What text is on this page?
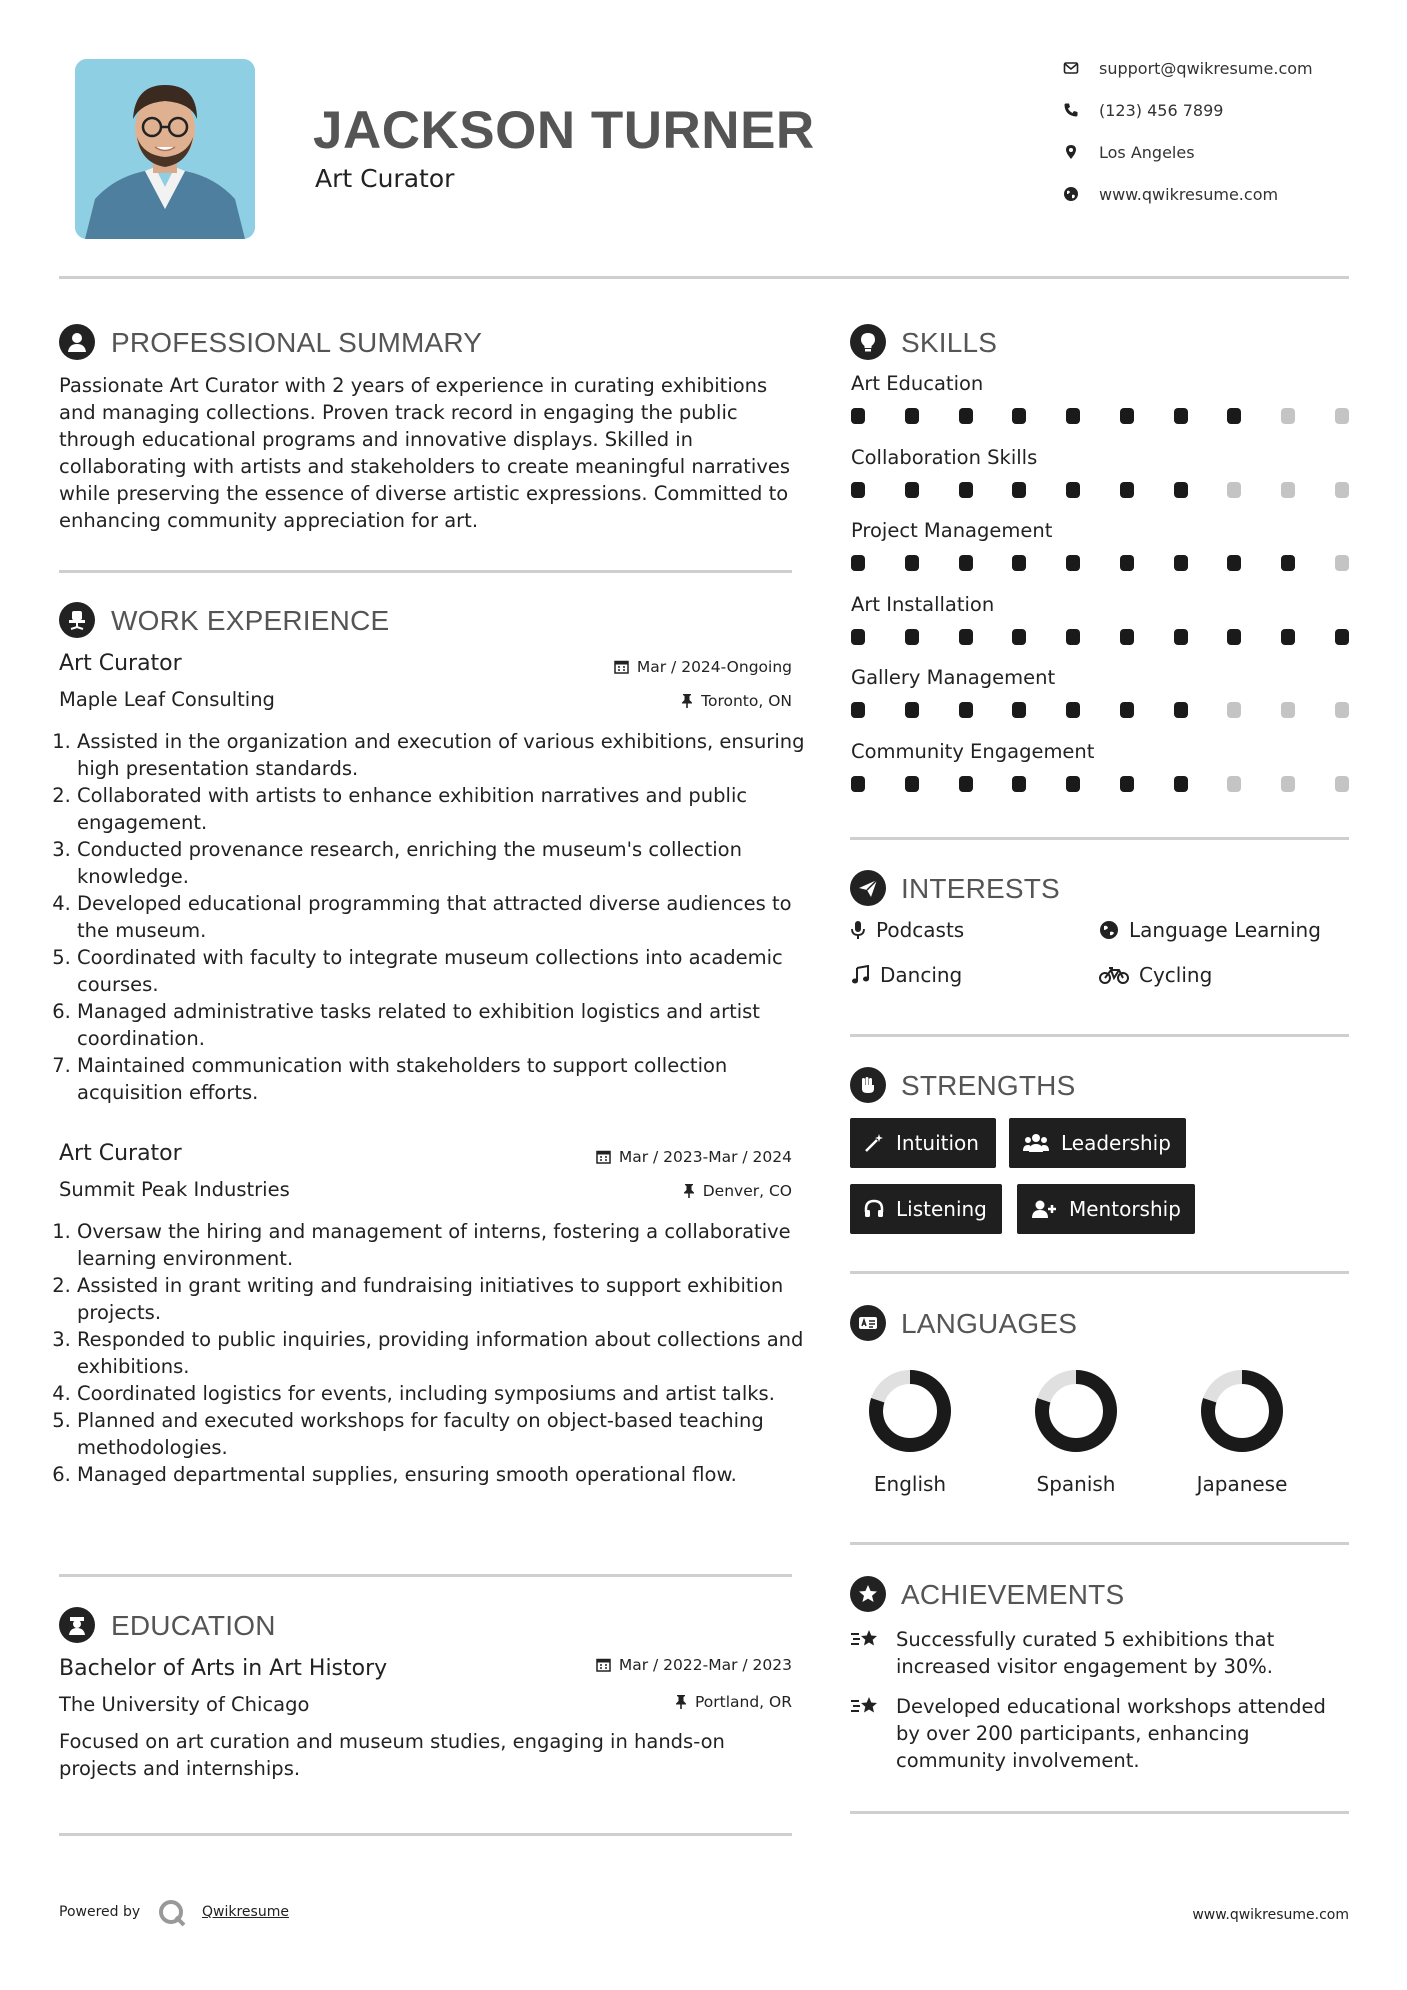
JACKSON TURNER
Art Curator
support@qwikresume.com
(123) 456 7899
Los Angeles
www.qwikresume.com
PROFESSIONAL SUMMARY
Passionate Art Curator with 2 years of experience in curating exhibitions and managing collections. Proven track record in engaging the public through educational programs and innovative displays. Skilled in collaborating with artists and stakeholders to create meaningful narratives while preserving the essence of diverse artistic expressions. Committed to enhancing community appreciation for art.
WORK EXPERIENCE
Art Curator	Mar / 2024-Ongoing
Maple Leaf Consulting	Toronto, ON
1. Assisted in the organization and execution of various exhibitions, ensuring high presentation standards.
2. Collaborated with artists to enhance exhibition narratives and public engagement.
3. Conducted provenance research, enriching the museum's collection knowledge.
4. Developed educational programming that attracted diverse audiences to the museum.
5. Coordinated with faculty to integrate museum collections into academic courses.
6. Managed administrative tasks related to exhibition logistics and artist coordination.
7. Maintained communication with stakeholders to support collection acquisition efforts.
Art Curator	Mar / 2023-Mar / 2024
Summit Peak Industries	Denver, CO
1. Oversaw the hiring and management of interns, fostering a collaborative learning environment.
2. Assisted in grant writing and fundraising initiatives to support exhibition projects.
3. Responded to public inquiries, providing information about collections and exhibitions.
4. Coordinated logistics for events, including symposiums and artist talks.
5. Planned and executed workshops for faculty on object-based teaching methodologies.
6. Managed departmental supplies, ensuring smooth operational flow.
EDUCATION
Bachelor of Arts in Art History	Mar / 2022-Mar / 2023
The University of Chicago	Portland, OR
Focused on art curation and museum studies, engaging in hands-on projects and internships.
SKILLS
Art Education
Collaboration Skills
Project Management
Art Installation
Gallery Management
Community Engagement
INTERESTS
Podcasts	Language Learning
Dancing	Cycling
STRENGTHS
Intuition	Leadership
Listening	Mentorship
LANGUAGES
English	Spanish	Japanese
ACHIEVEMENTS
Successfully curated 5 exhibitions that increased visitor engagement by 30%.
Developed educational workshops attended by over 200 participants, enhancing community involvement.
Powered by	Qwikresume	www.qwikresume.com
